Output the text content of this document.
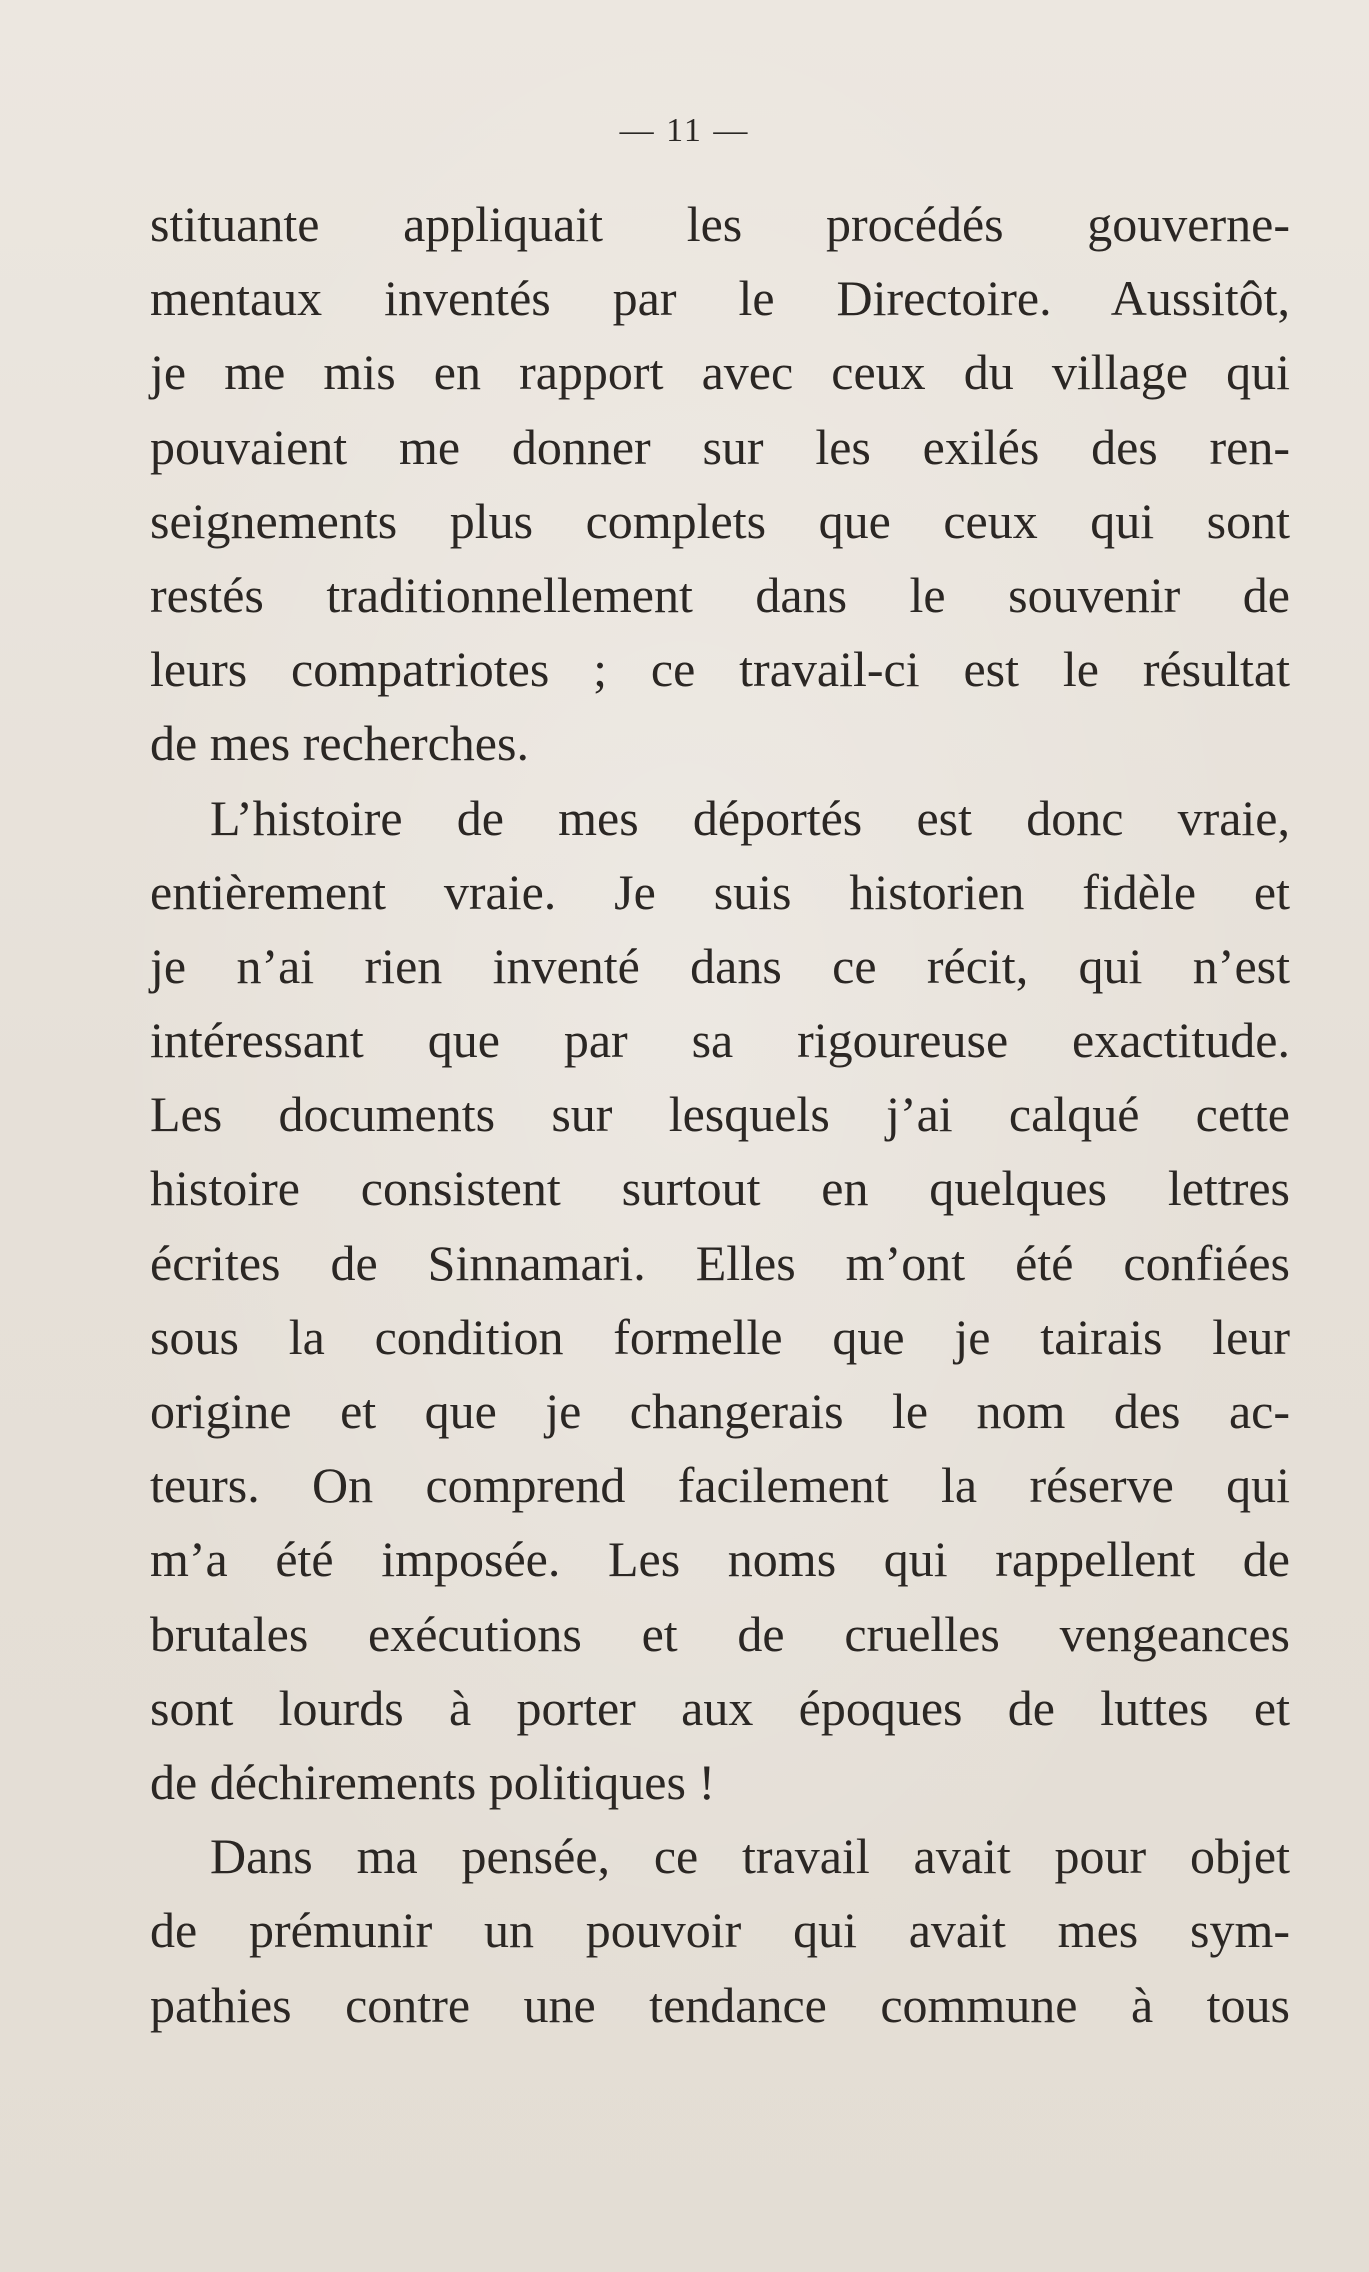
— 11 —
stituante appliquait les procédés gouverne-
mentaux inventés par le Directoire. Aussitôt,
je me mis en rapport avec ceux du village qui
pouvaient me donner sur les exilés des ren-
seignements plus complets que ceux qui sont
restés traditionnellement dans le souvenir de
leurs compatriotes ; ce travail-ci est le résultat
de mes recherches.
L’histoire de mes déportés est donc vraie,
entièrement vraie. Je suis historien fidèle et
je n’ai rien inventé dans ce récit, qui n’est
intéressant que par sa rigoureuse exactitude.
Les documents sur lesquels j’ai calqué cette
histoire consistent surtout en quelques lettres
écrites de Sinnamari. Elles m’ont été confiées
sous la condition formelle que je tairais leur
origine et que je changerais le nom des ac-
teurs. On comprend facilement la réserve qui
m’a été imposée. Les noms qui rappellent de
brutales exécutions et de cruelles vengeances
sont lourds à porter aux époques de luttes et
de déchirements politiques !
Dans ma pensée, ce travail avait pour objet
de prémunir un pouvoir qui avait mes sym-
pathies contre une tendance commune à tous
